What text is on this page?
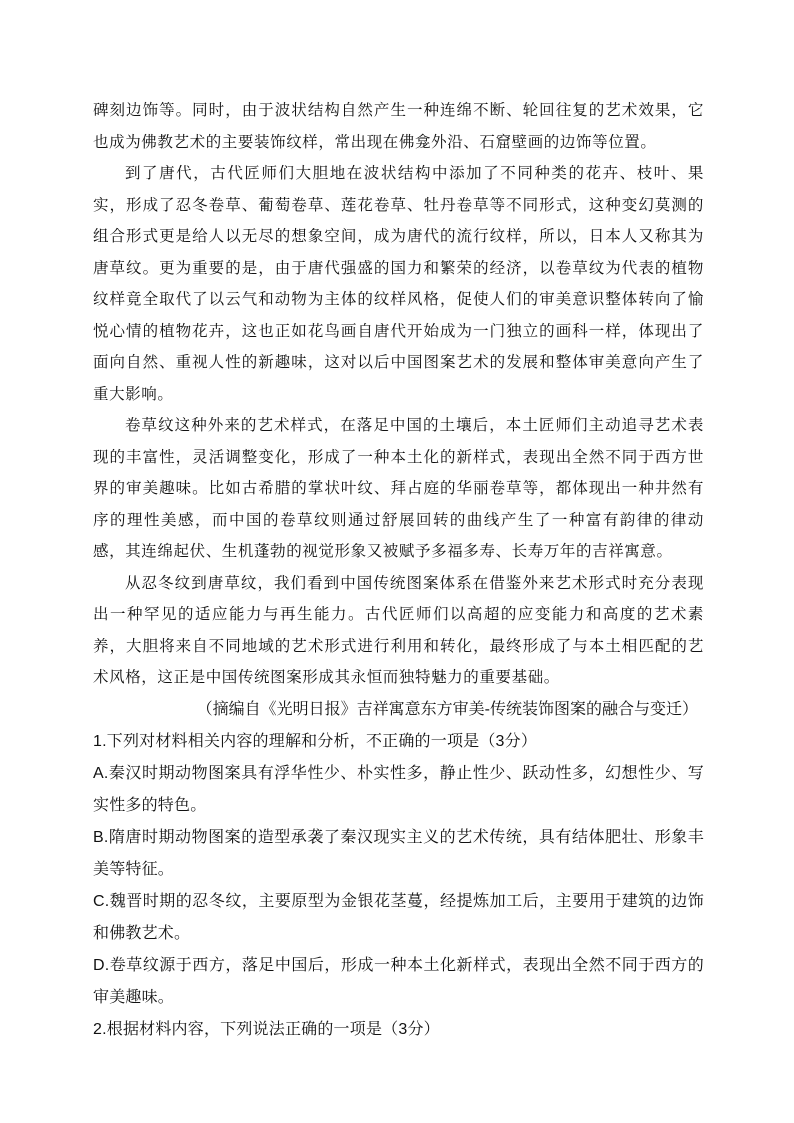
碑刻边饰等。同时，由于波状结构自然产生一种连绵不断、轮回往复的艺术效果，它也成为佛教艺术的主要装饰纹样，常出现在佛龛外沿、石窟壁画的边饰等位置。

到了唐代，古代匠师们大胆地在波状结构中添加了不同种类的花卉、枝叶、果实，形成了忍冬卷草、葡萄卷草、莲花卷草、牡丹卷草等不同形式，这种变幻莫测的组合形式更是给人以无尽的想象空间，成为唐代的流行纹样，所以，日本人又称其为唐草纹。更为重要的是，由于唐代强盛的国力和繁荣的经济，以卷草纹为代表的植物纹样竟全取代了以云气和动物为主体的纹样风格，促使人们的审美意识整体转向了愉悦心情的植物花卉，这也正如花鸟画自唐代开始成为一门独立的画科一样，体现出了面向自然、重视人性的新趣味，这对以后中国图案艺术的发展和整体审美意向产生了重大影响。

卷草纹这种外来的艺术样式，在落足中国的土壤后，本土匠师们主动追寻艺术表现的丰富性，灵活调整变化，形成了一种本土化的新样式，表现出全然不同于西方世界的审美趣味。比如古希腊的掌状叶纹、拜占庭的华丽卷草等，都体现出一种井然有序的理性美感，而中国的卷草纹则通过舒展回转的曲线产生了一种富有韵律的律动感，其连绵起伏、生机蓬勃的视觉形象又被赋予多福多寿、长寿万年的吉祥寓意。

从忍冬纹到唐草纹，我们看到中国传统图案体系在借鉴外来艺术形式时充分表现出一种罕见的适应能力与再生能力。古代匠师们以高超的应变能力和高度的艺术素养，大胆将来自不同地域的艺术形式进行利用和转化，最终形成了与本土相匹配的艺术风格，这正是中国传统图案形成其永恒而独特魅力的重要基础。

（摘编自《光明日报》吉祥寓意东方审美-传统装饰图案的融合与变迁）

1.下列对材料相关内容的理解和分析，不正确的一项是（3分）

A.秦汉时期动物图案具有浮华性少、朴实性多，静止性少、跃动性多，幻想性少、写实性多的特色。

B.隋唐时期动物图案的造型承袭了秦汉现实主义的艺术传统，具有结体肥壮、形象丰美等特征。

C.魏晋时期的忍冬纹，主要原型为金银花茎蔓，经提炼加工后，主要用于建筑的边饰和佛教艺术。

D.卷草纹源于西方，落足中国后，形成一种本土化新样式，表现出全然不同于西方的审美趣味。

2.根据材料内容，下列说法正确的一项是（3分）
